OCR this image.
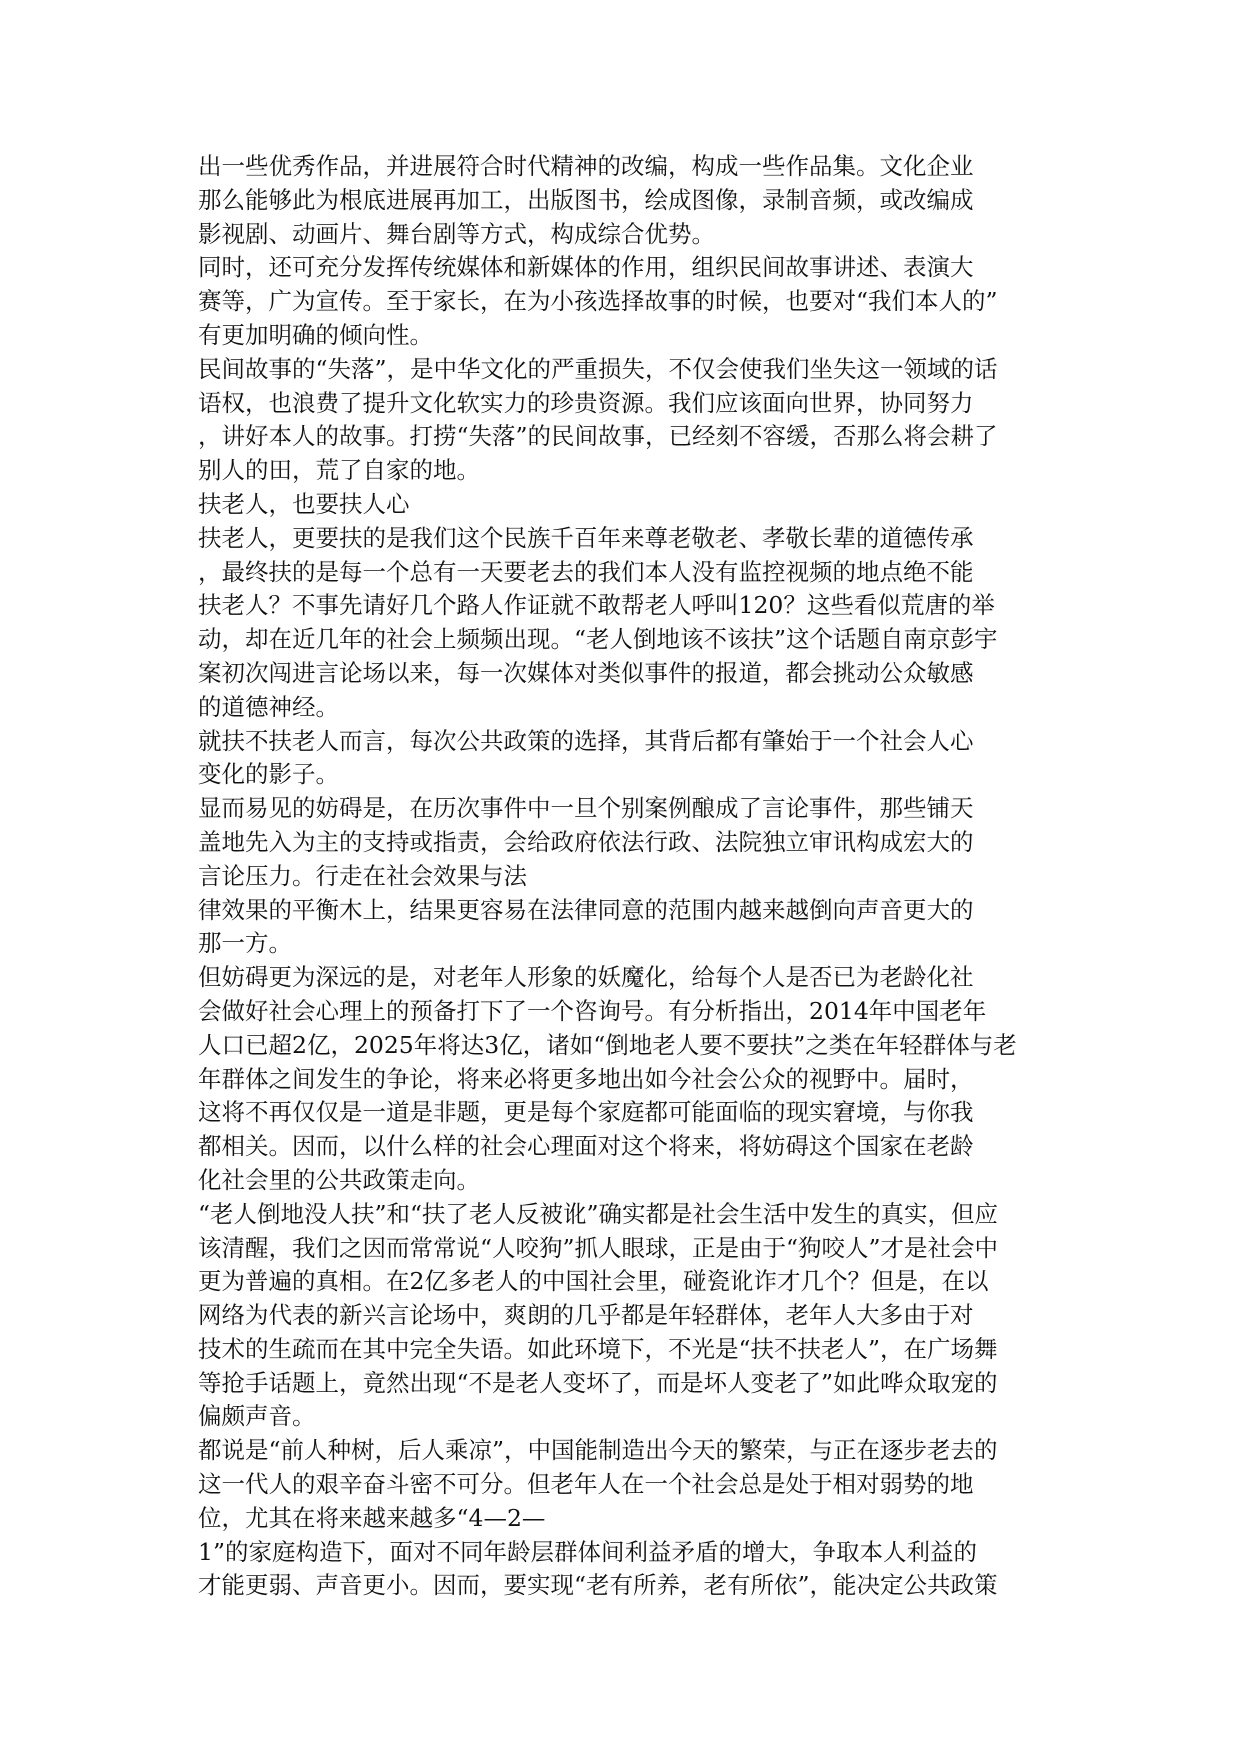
出一些优秀作品，并进展符合时代精神的改编，构成一些作品集。文化企业
那么能够此为根底进展再加工，出版图书，绘成图像，录制音频，或改编成
影视剧、动画片、舞台剧等方式，构成综合优势。
同时，还可充分发挥传统媒体和新媒体的作用，组织民间故事讲述、表演大
赛等，广为宣传。至于家长，在为小孩选择故事的时候，也要对“我们本人的”
有更加明确的倾向性。
民间故事的“失落”，是中华文化的严重损失，不仅会使我们坐失这一领域的话
语权，也浪费了提升文化软实力的珍贵资源。我们应该面向世界，协同努力
，讲好本人的故事。打捞“失落”的民间故事，已经刻不容缓，否那么将会耕了
别人的田，荒了自家的地。
扶老人，也要扶人心
扶老人，更要扶的是我们这个民族千百年来尊老敬老、孝敬长辈的道德传承
，最终扶的是每一个总有一天要老去的我们本人没有监控视频的地点绝不能
扶老人？不事先请好几个路人作证就不敢帮老人呼叫120？这些看似荒唐的举
动，却在近几年的社会上频频出现。“老人倒地该不该扶”这个话题自南京彭宇
案初次闯进言论场以来，每一次媒体对类似事件的报道，都会挑动公众敏感
的道德神经。
就扶不扶老人而言，每次公共政策的选择，其背后都有肇始于一个社会人心
变化的影子。
显而易见的妨碍是，在历次事件中一旦个别案例酿成了言论事件，那些铺天
盖地先入为主的支持或指责，会给政府依法行政、法院独立审讯构成宏大的
言论压力。行走在社会效果与法
律效果的平衡木上，结果更容易在法律同意的范围内越来越倒向声音更大的
那一方。
但妨碍更为深远的是，对老年人形象的妖魔化，给每个人是否已为老龄化社
会做好社会心理上的预备打下了一个咨询号。有分析指出，2014年中国老年
人口已超2亿，2025年将达3亿，诸如“倒地老人要不要扶”之类在年轻群体与老
年群体之间发生的争论，将来必将更多地出如今社会公众的视野中。届时，
这将不再仅仅是一道是非题，更是每个家庭都可能面临的现实窘境，与你我
都相关。因而，以什么样的社会心理面对这个将来，将妨碍这个国家在老龄
化社会里的公共政策走向。
“老人倒地没人扶”和“扶了老人反被讹”确实都是社会生活中发生的真实，但应
该清醒，我们之因而常常说“人咬狗”抓人眼球，正是由于“狗咬人”才是社会中
更为普遍的真相。在2亿多老人的中国社会里，碰瓷讹诈才几个？但是，在以
网络为代表的新兴言论场中，爽朗的几乎都是年轻群体，老年人大多由于对
技术的生疏而在其中完全失语。如此环境下，不光是“扶不扶老人”，在广场舞
等抢手话题上，竟然出现“不是老人变坏了，而是坏人变老了”如此哗众取宠的
偏颇声音。
都说是“前人种树，后人乘凉”，中国能制造出今天的繁荣，与正在逐步老去的
这一代人的艰辛奋斗密不可分。但老年人在一个社会总是处于相对弱势的地
位，尤其在将来越来越多“4—2—
1”的家庭构造下，面对不同年龄层群体间利益矛盾的增大，争取本人利益的
才能更弱、声音更小。因而，要实现“老有所养，老有所依”，能决定公共政策
